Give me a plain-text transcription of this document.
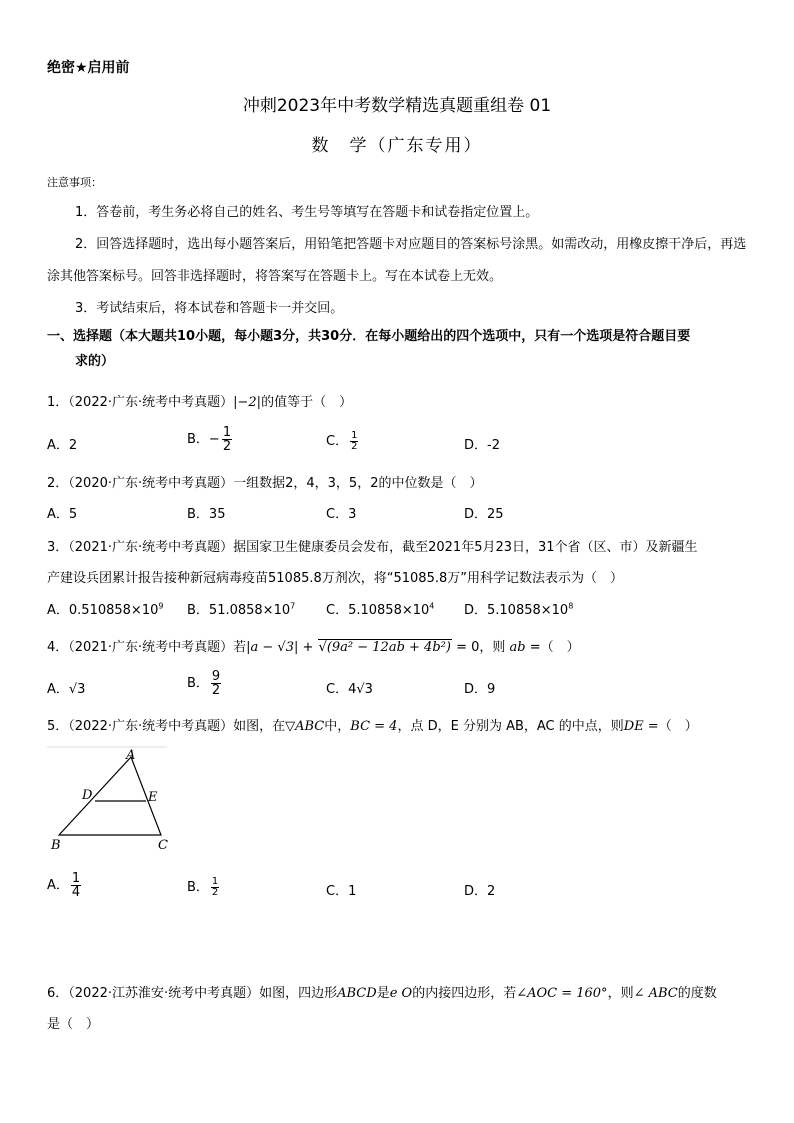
绝密★启用前
冲刺2023年中考数学精选真题重组卷 01
数　学（广东专用）
注意事项：
1．答卷前，考生务必将自己的姓名、考生号等填写在答题卡和试卷指定位置上。
2．回答选择题时，选出每小题答案后，用铅笔把答题卡对应题目的答案标号涂黑。如需改动，用橡皮擦干净后，再选涂其他答案标号。回答非选择题时，将答案写在答题卡上。写在本试卷上无效。
3．考试结束后，将本试卷和答题卡一并交回。
一、选择题（本大题共10小题，每小题3分，共30分．在每小题给出的四个选项中，只有一个选项是符合题目要
求的）
1．（2022·广东·统考中考真题）|−2|的值等于（　）
A．2	B．− $\frac{1}{2}$	C． $\frac{1}{2}$	D．-2
2．（2020·广东·统考中考真题）一组数据2，4，3，5，2的中位数是（　）
A．5	B．35	C．3	D．25
3．（2021·广东·统考中考真题）据国家卫生健康委员会发布，截至2021年5月23日，31个省（区、市）及新疆生
产建设兵团累计报告接种新冠病毒疫苗51085.8万剂次，将“51085.8万”用科学记数法表示为（　）
A．$0.510858\times 10^9$ B．$51.0858\times 10^7$ C．$5.10858\times 10^4$ D．$5.10858\times 10^8$
4．（2021·广东·统考中考真题）若|a − √3| + √(9a² − 12ab + 4b²) = 0，则 ab =（　）
A．√3	B． $\frac{9}{2}$	C．4√3	D．9
5．（2022·广东·统考中考真题）如图，在▽ABC中，BC = 4，点 D，E 分别为 AB，AC 的中点，则DE =（　）
A
D	E
B	C
A． $\frac{1}{4}$	B． $\frac{1}{2}$	C．1	D．2
6．（2022·江苏淮安·统考中考真题）如图，四边形ABCD是e O的内接四边形，若∠AOC = 160°，则∠ ABC的度数
是（　）
